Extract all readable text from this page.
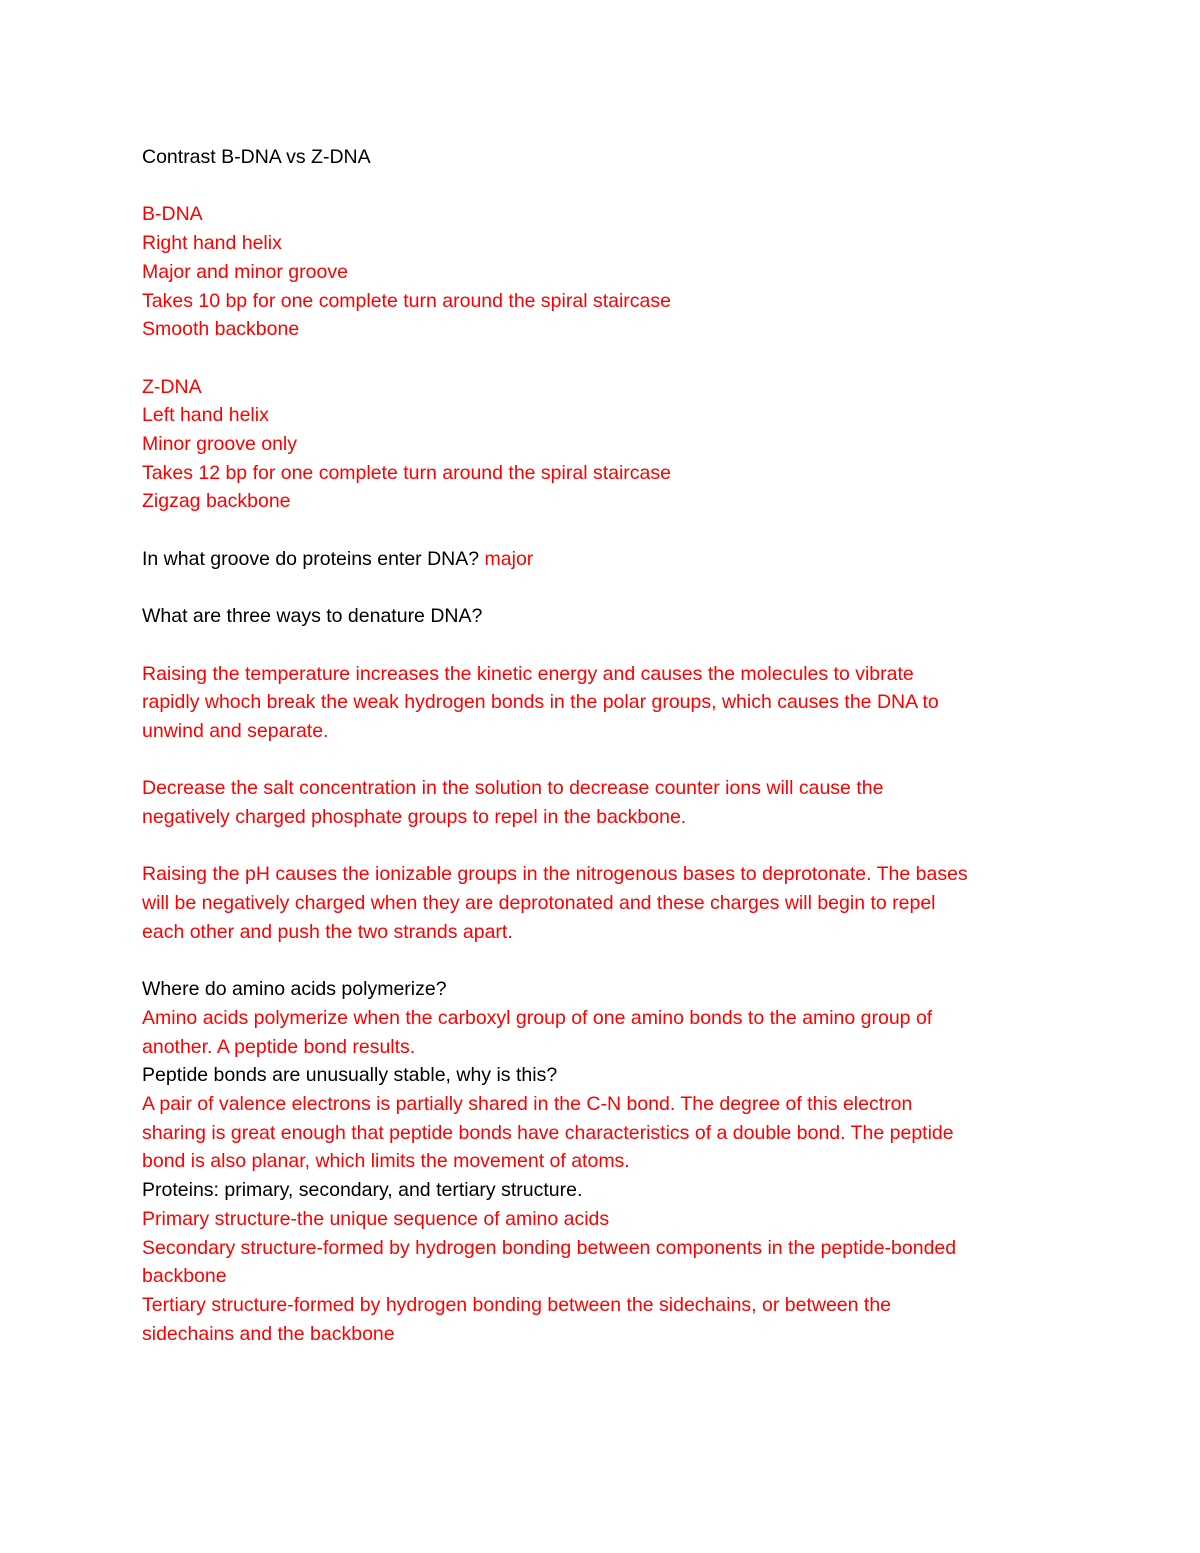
Contrast B-DNA vs Z-DNA

B-DNA

Right hand helix

Major and minor groove

Takes 10 bp for one complete turn around the spiral staircase

Smooth backbone

Z-DNA

Left hand helix

Minor groove only

Takes 12 bp for one complete turn around the spiral staircase

Zigzag backbone

In what groove do proteins enter DNA? major

What are three ways to denature DNA?

Raising the temperature increases the kinetic energy and causes the molecules to vibrate

rapidly whoch break the weak hydrogen bonds in the polar groups, which causes the DNA to

unwind and separate.

Decrease the salt concentration in the solution to decrease counter ions will cause the

negatively charged phosphate groups to repel in the backbone.

Raising the pH causes the ionizable groups in the nitrogenous bases to deprotonate. The bases

will be negatively charged when they are deprotonated and these charges will begin to repel

each other and push the two strands apart.

Where do amino acids polymerize?

Amino acids polymerize when the carboxyl group of one amino bonds to the amino group of

another. A peptide bond results.

Peptide bonds are unusually stable, why is this?

A pair of valence electrons is partially shared in the C-N bond. The degree of this electron

sharing is great enough that peptide bonds have characteristics of a double bond. The peptide

bond is also planar, which limits the movement of atoms.

Proteins: primary, secondary, and tertiary structure.

Primary structure-the unique sequence of amino acids

Secondary structure-formed by hydrogen bonding between components in the peptide-bonded

backbone

Tertiary structure-formed by hydrogen bonding between the sidechains, or between the

sidechains and the backbone
